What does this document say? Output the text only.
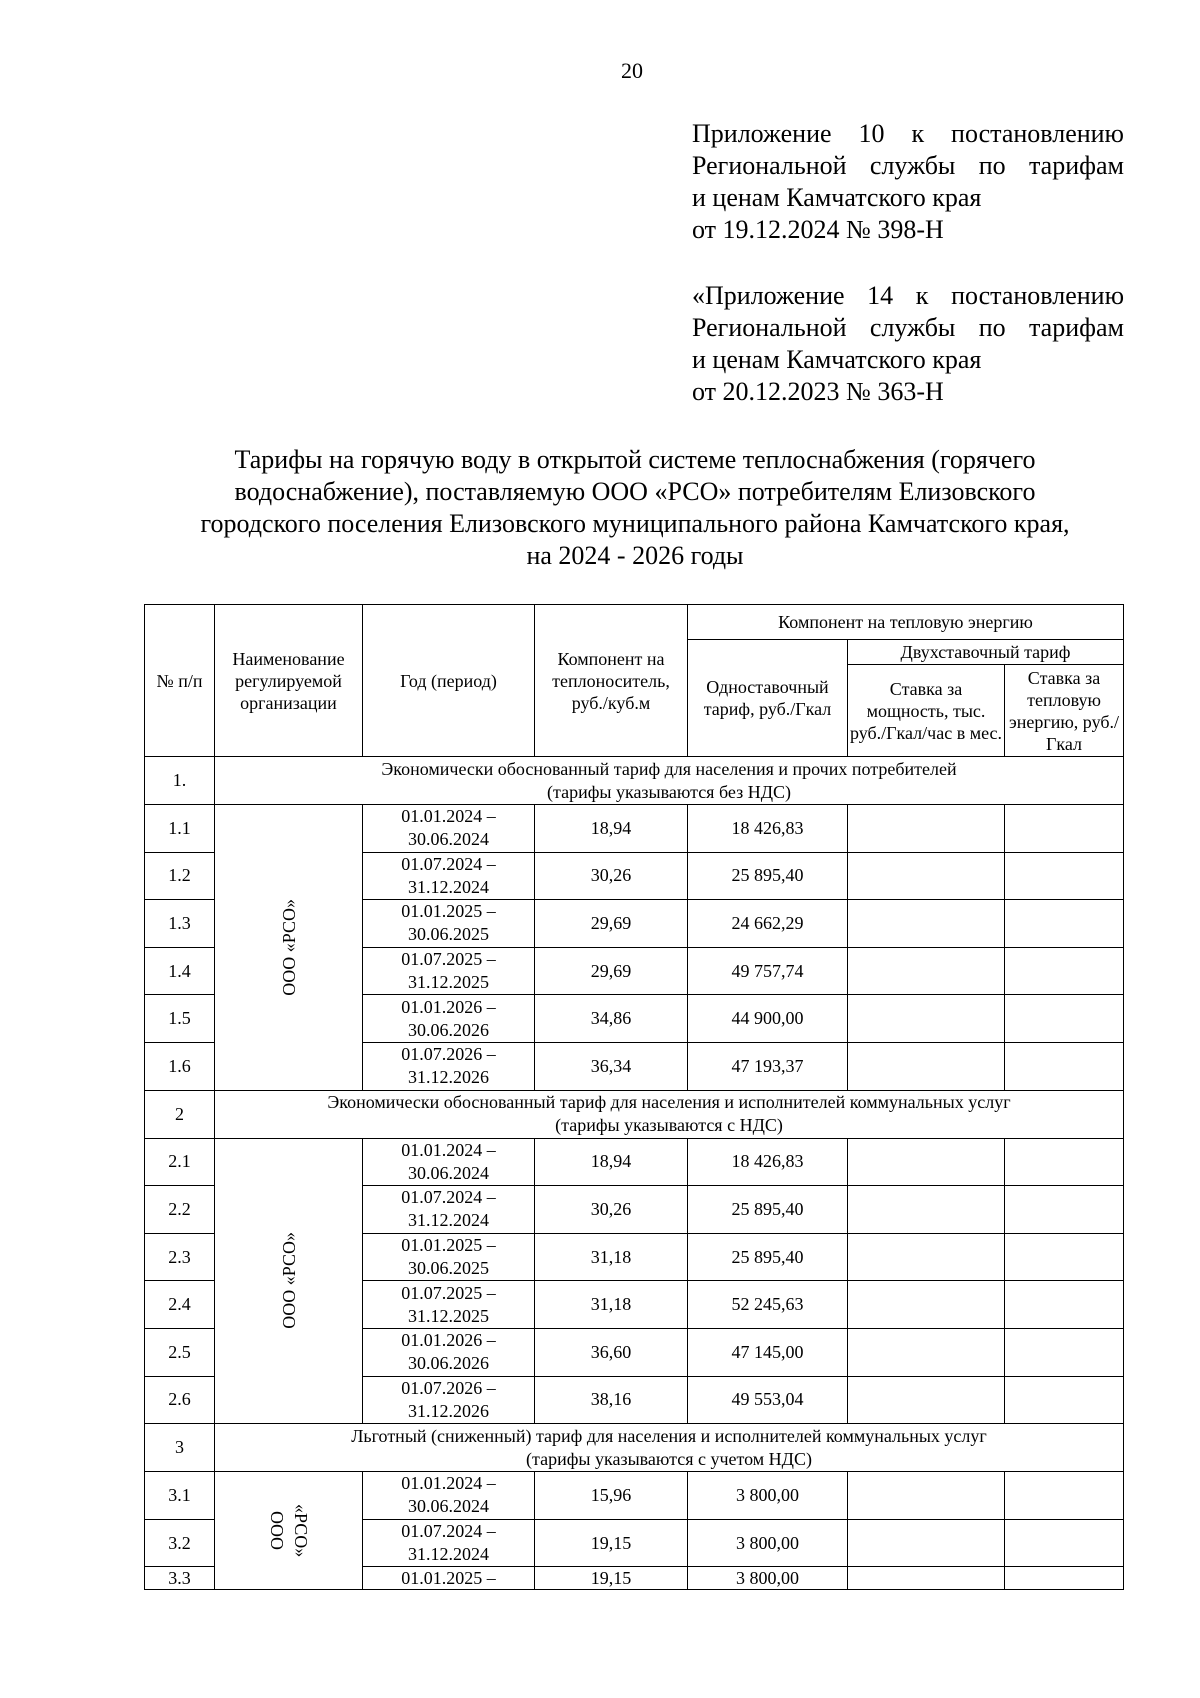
20
Приложение 10 к постановлению
Региональной службы по тарифам
и ценам Камчатского края
от 19.12.2024 № 398-Н
«Приложение 14 к постановлению
Региональной службы по тарифам
и ценам Камчатского края
от 20.12.2023 № 363-Н
Тарифы на горячую воду в открытой системе теплоснабжения (горячего
водоснабжение), поставляемую ООО «РСО» потребителям Елизовского
городского поселения Елизовского муниципального района Камчатского края,
на 2024 - 2026 годы
№ п/п	Наименование регулируемой организации	Год (период)	Компонент на теплоноситель, руб./куб.м	Компонент на тепловую энергию		
				Одноставочный тариф, руб./Гкал	Двухставочный тариф	
					Ставка за мощность, тыс. руб./Гкал/час в мес.	Ставка за тепловую энергию, руб./Гкал
1.	Экономически обоснованный тариф для населения и прочих потребителей
(тарифы указываются без НДС)					

1.1	ООО «РСО»	01.01.2024 –
30.06.2024	18,94	18 426,83		
1.2		01.07.2024 –
31.12.2024	30,26	25 895,40		
1.3		01.01.2025 –
30.06.2025	29,69	24 662,29		
1.4		01.07.2025 –
31.12.2025	29,69	49 757,74		
1.5		01.01.2026 –
30.06.2026	34,86	44 900,00		
1.6		01.07.2026 –
31.12.2026	36,34	47 193,37		
2	Экономически обоснованный тариф для населения и исполнителей коммунальных услуг
(тарифы указываются с НДС)					

2.1	ООО «РСО»	01.01.2024 –
30.06.2024	18,94	18 426,83		
2.2		01.07.2024 –
31.12.2024	30,26	25 895,40		
2.3		01.01.2025 –
30.06.2025	31,18	25 895,40		
2.4		01.07.2025 –
31.12.2025	31,18	52 245,63		
2.5		01.01.2026 –
30.06.2026	36,60	47 145,00		
2.6		01.07.2026 –
31.12.2026	38,16	49 553,04		
3	Льготный (сниженный) тариф для населения и исполнителей коммунальных услуг
(тарифы указываются с учетом НДС)					

3.1	ООО «РСО»	01.01.2024 –
30.06.2024	15,96	3 800,00		
3.2		01.07.2024 –
31.12.2024	19,15	3 800,00		
3.3		01.01.2025 –	19,15	3 800,00		
